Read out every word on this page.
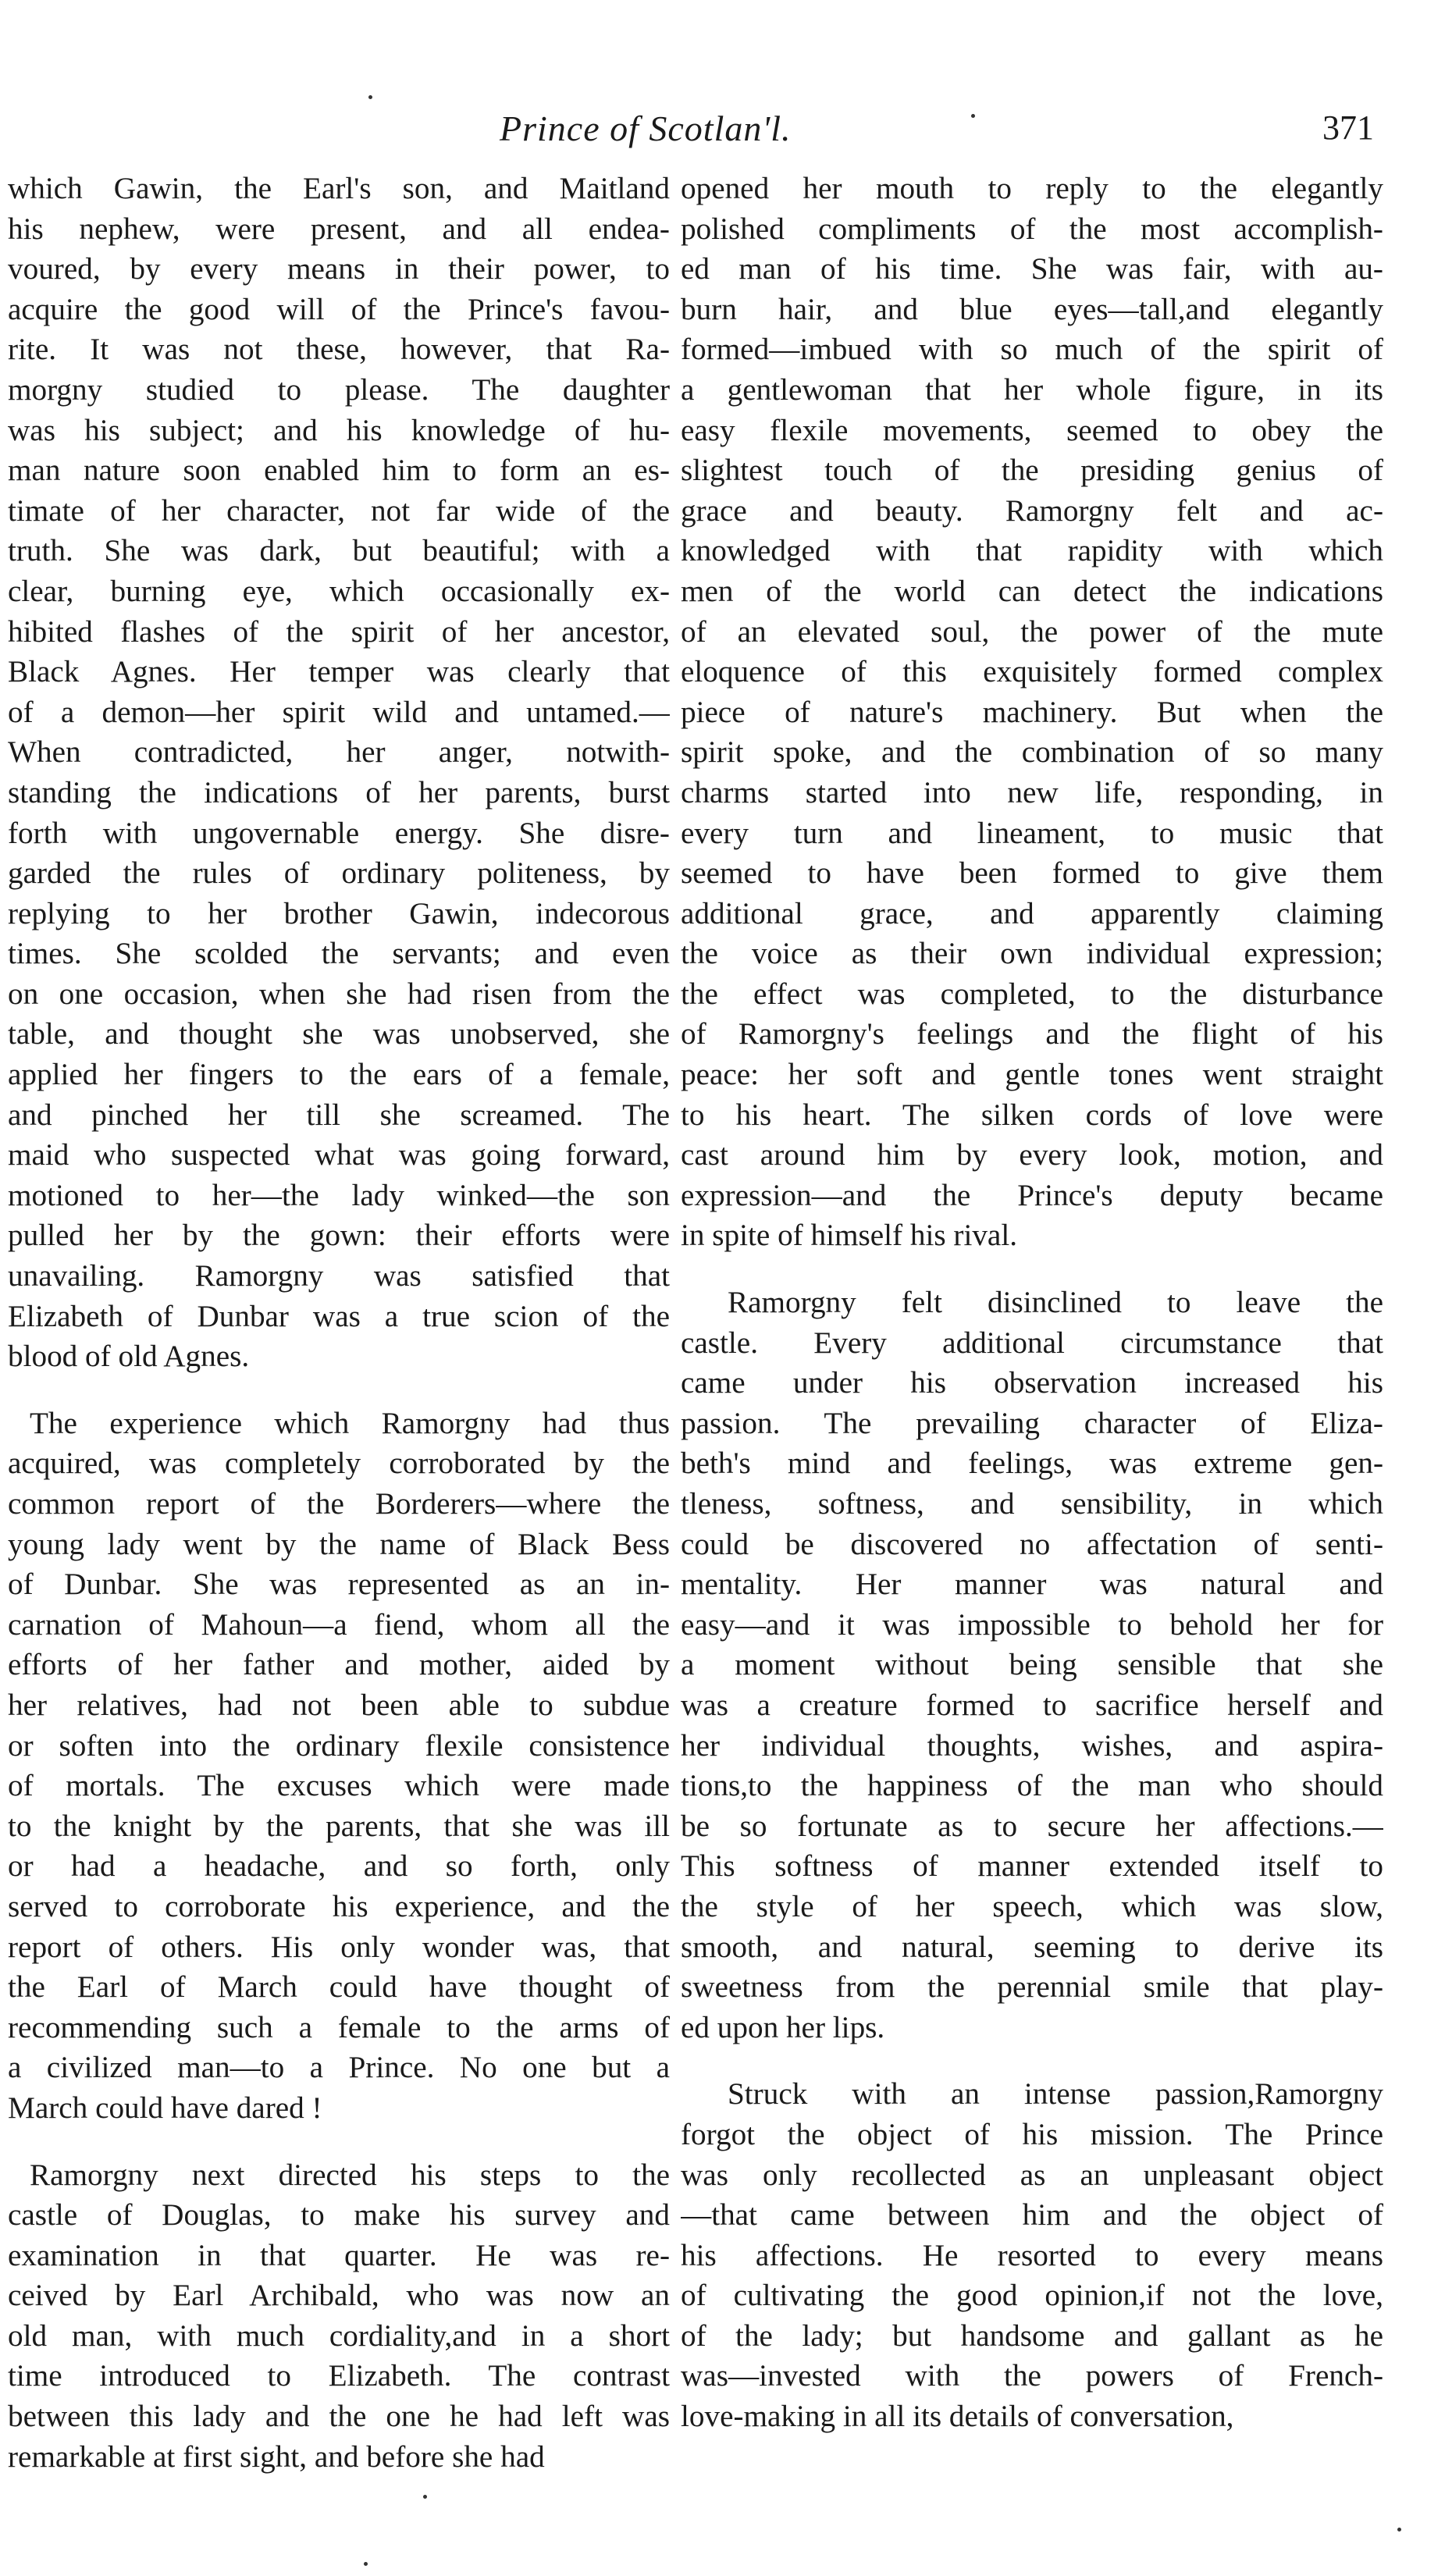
Prince of Scotlan'l.	371
which Gawin, the Earl's son, and Maitland
his nephew, were present, and all endea-
voured, by every means in their power, to
acquire the good will of the Prince's favou-
rite. It was not these, however, that Ra-
morgny studied to please. The daughter
was his subject; and his knowledge of hu-
man nature soon enabled him to form an es-
timate of her character, not far wide of the
truth. She was dark, but beautiful; with a
clear, burning eye, which occasionally ex-
hibited flashes of the spirit of her ancestor,
Black Agnes. Her temper was clearly that
of a demon—her spirit wild and untamed.—
When contradicted, her anger, notwith-
standing the indications of her parents, burst
forth with ungovernable energy. She disre-
garded the rules of ordinary politeness, by
replying to her brother Gawin, indecorous
times. She scolded the servants; and even
on one occasion, when she had risen from the
table, and thought she was unobserved, she
applied her fingers to the ears of a female,
and pinched her till she screamed. The
maid who suspected what was going forward,
motioned to her—the lady winked—the son
pulled her by the gown: their efforts were
unavailing. Ramorgny was satisfied that
Elizabeth of Dunbar was a true scion of the
blood of old Agnes.
The experience which Ramorgny had thus
acquired, was completely corroborated by the
common report of the Borderers—where the
young lady went by the name of Black Bess
of Dunbar. She was represented as an in-
carnation of Mahoun—a fiend, whom all the
efforts of her father and mother, aided by
her relatives, had not been able to subdue
or soften into the ordinary flexile consistence
of mortals. The excuses which were made
to the knight by the parents, that she was ill
or had a headache, and so forth, only
served to corroborate his experience, and the
report of others. His only wonder was, that
the Earl of March could have thought of
recommending such a female to the arms of
a civilized man—to a Prince. No one but a
March could have dared !
Ramorgny next directed his steps to the
castle of Douglas, to make his survey and
examination in that quarter. He was re-
ceived by Earl Archibald, who was now an
old man, with much cordiality,and in a short
time introduced to Elizabeth. The contrast
between this lady and the one he had left was
remarkable at first sight, and before she had
opened her mouth to reply to the elegantly
polished compliments of the most accomplish-
ed man of his time. She was fair, with au-
burn hair, and blue eyes—tall,and elegantly
formed—imbued with so much of the spirit of
a gentlewoman that her whole figure, in its
easy flexile movements, seemed to obey the
slightest touch of the presiding genius of
grace and beauty. Ramorgny felt and ac-
knowledged with that rapidity with which
men of the world can detect the indications
of an elevated soul, the power of the mute
eloquence of this exquisitely formed complex
piece of nature's machinery. But when the
spirit spoke, and the combination of so many
charms started into new life, responding, in
every turn and lineament, to music that
seemed to have been formed to give them
additional grace, and apparently claiming
the voice as their own individual expression;
the effect was completed, to the disturbance
of Ramorgny's feelings and the flight of his
peace: her soft and gentle tones went straight
to his heart. The silken cords of love were
cast around him by every look, motion, and
expression—and the Prince's deputy became
in spite of himself his rival.
Ramorgny felt disinclined to leave the
castle. Every additional circumstance that
came under his observation increased his
passion. The prevailing character of Eliza-
beth's mind and feelings, was extreme gen-
tleness, softness, and sensibility, in which
could be discovered no affectation of senti-
mentality. Her manner was natural and
easy—and it was impossible to behold her for
a moment without being sensible that she
was a creature formed to sacrifice herself and
her individual thoughts, wishes, and aspira-
tions,to the happiness of the man who should
be so fortunate as to secure her affections.—
This softness of manner extended itself to
the style of her speech, which was slow,
smooth, and natural, seeming to derive its
sweetness from the perennial smile that play-
ed upon her lips.
Struck with an intense passion,Ramorgny
forgot the object of his mission. The Prince
was only recollected as an unpleasant object
—that came between him and the object of
his affections. He resorted to every means
of cultivating the good opinion,if not the love,
of the lady; but handsome and gallant as he
was—invested with the powers of French-
love-making in all its details of conversation,
